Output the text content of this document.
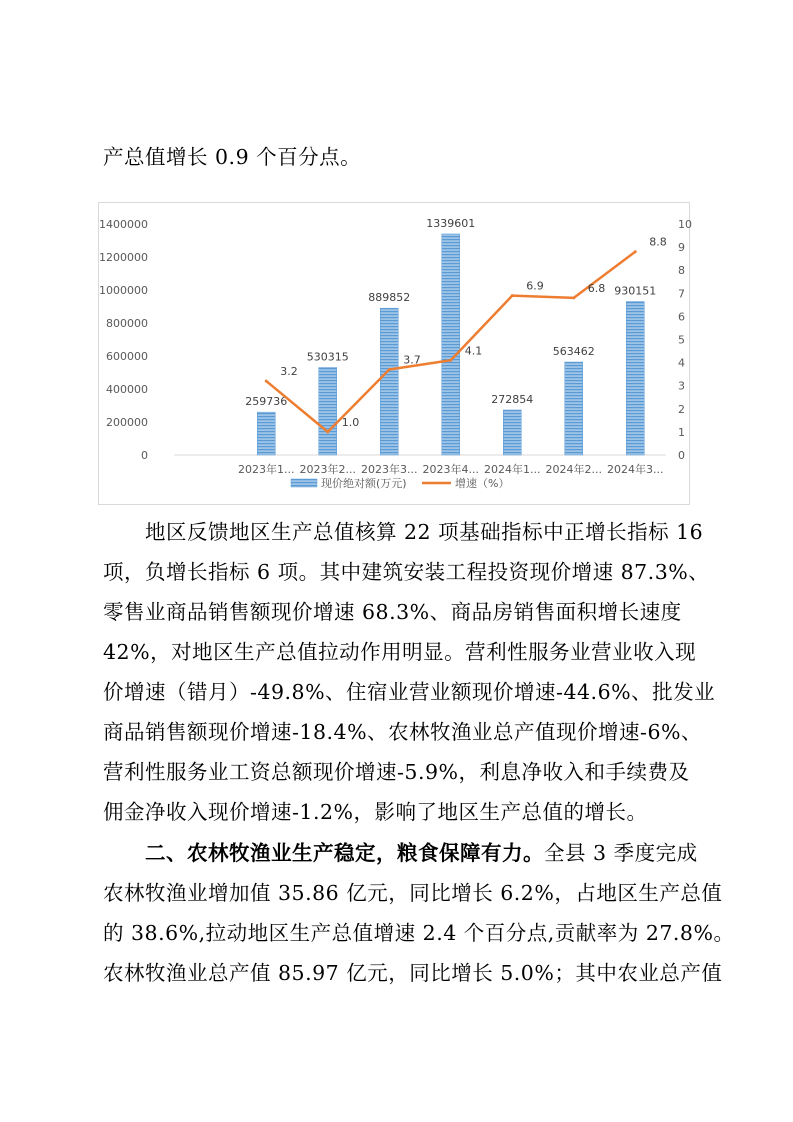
产总值增长 0.9 个百分点。
0
200000
400000
600000
800000
1000000
1200000
1400000
0
1
2
3
4
5
6
7
8
9
10
259736
530315
889852
1339601
272854
563462
930151
2023年1... 2023年2... 2023年3... 2023年4... 2024年1... 2024年2... 2024年3...
3.2
1.0
3.7
4.1
6.9	6.8
8.8
现价绝对额(万元)	增速（%）
地区反馈地区生产总值核算 22 项基础指标中正增长指标 16
项，负增长指标 6 项。其中建筑安装工程投资现价增速 87.3%、
零售业商品销售额现价增速 68.3%、商品房销售面积增长速度
42%，对地区生产总值拉动作用明显。营利性服务业营业收入现
价增速（错月）-49.8%、住宿业营业额现价增速-44.6%、批发业
商品销售额现价增速-18.4%、农林牧渔业总产值现价增速-6%、
营利性服务业工资总额现价增速-5.9%，利息净收入和手续费及
佣金净收入现价增速-1.2%，影响了地区生产总值的增长。
二、农林牧渔业生产稳定，粮食保障有力。全县 3 季度完成
农林牧渔业增加值 35.86 亿元，同比增长 6.2%，占地区生产总值
的 38.6%,拉动地区生产总值增速 2.4 个百分点,贡献率为 27.8%。
农林牧渔业总产值 85.97 亿元，同比增长 5.0%；其中农业总产值
